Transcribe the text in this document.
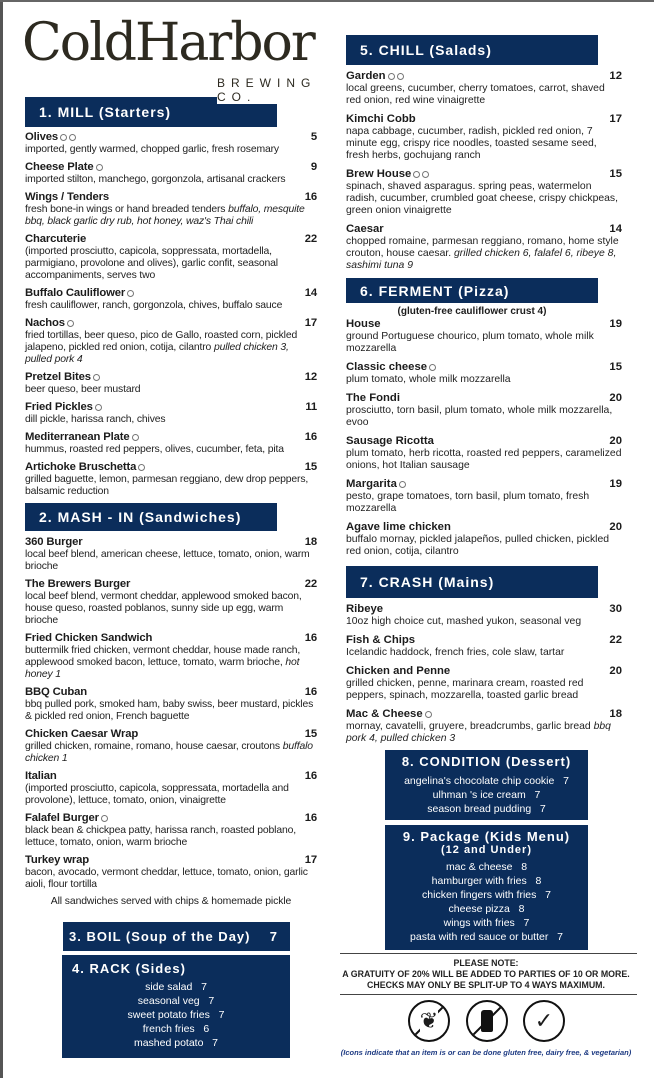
ColdHarbor
BREWING CO.
1. MILL (Starters)
Olives	5
imported, gently warmed, chopped garlic, fresh rosemary
Cheese Plate	9
imported stilton, manchego, gorgonzola, artisanal crackers
Wings / Tenders	16
fresh bone-in wings or hand breaded tenders buffalo, mesquite bbq, black garlic dry rub, hot honey, waz's Thai chili
Charcuterie	22
(imported prosciutto, capicola, soppressata, mortadella, parmigiano, provolone and olives), garlic confit, seasonal accompaniments, serves two
Buffalo Cauliflower	14
fresh cauliflower, ranch, gorgonzola, chives, buffalo sauce
Nachos	17
fried tortillas, beer queso, pico de Gallo, roasted corn, pickled jalapeno, pickled red onion, cotija, cilantro pulled chicken 3, pulled pork 4
Pretzel Bites	12
beer queso, beer mustard
Fried Pickles	11
dill pickle, harissa ranch, chives
Mediterranean Plate	16
hummus, roasted red peppers, olives, cucumber, feta, pita
Artichoke Bruschetta	15
grilled baguette, lemon, parmesan reggiano, dew drop peppers, balsamic reduction
2. MASH - IN (Sandwiches)
360 Burger	18
local beef blend, american cheese, lettuce, tomato, onion, warm brioche
The Brewers Burger	22
local beef blend, vermont cheddar, applewood smoked bacon, house queso, roasted poblanos, sunny side up egg, warm brioche
Fried Chicken Sandwich	16
buttermilk fried chicken, vermont cheddar, house made ranch, applewood smoked bacon, lettuce, tomato, warm brioche, hot honey 1
BBQ Cuban	16
bbq pulled pork, smoked ham, baby swiss, beer mustard, pickles & pickled red onion, French baguette
Chicken Caesar Wrap	15
grilled chicken, romaine, romano, house caesar, croutons buffalo chicken 1
Italian	16
(imported prosciutto, capicola, soppressata, mortadella and provolone), lettuce, tomato, onion, vinaigrette
Falafel Burger	16
black bean & chickpea patty, harissa ranch, roasted poblano, lettuce, tomato, onion, warm brioche
Turkey wrap	17
bacon, avocado, vermont cheddar, lettuce, tomato, onion, garlic aioli, flour tortilla
All sandwiches served with chips & homemade pickle
3. BOIL (Soup of the Day) 7
4. RACK (Sides)
side salad   7
seasonal veg   7
sweet potato fries   7
french fries   6
mashed potato   7
5. CHILL (Salads)
Garden	12
local greens, cucumber, cherry tomatoes, carrot, shaved red onion, red wine vinaigrette
Kimchi Cobb	17
napa cabbage, cucumber, radish, pickled red onion, 7 minute egg, crispy rice noodles, toasted sesame seed, fresh herbs, gochujang ranch
Brew House	15
spinach, shaved asparagus. spring peas, watermelon radish, cucumber, crumbled goat cheese, crispy chickpeas, green onion vinaigrette
Caesar	14
chopped romaine, parmesan reggiano, romano, home style crouton, house caesar. grilled chicken 6, falafel 6, ribeye 8, sashimi tuna 9
6. FERMENT (Pizza)
(gluten-free cauliflower crust 4)
House	19
ground Portuguese chourico, plum tomato, whole milk mozzarella
Classic cheese	15
plum tomato, whole milk mozzarella
The Fondi	20
prosciutto, torn basil, plum tomato, whole milk mozzarella, evoo
Sausage Ricotta	20
plum tomato, herb ricotta, roasted red peppers, caramelized onions, hot Italian sausage
Margarita	19
pesto, grape tomatoes, torn basil, plum tomato, fresh mozzarella
Agave lime chicken	20
buffalo mornay, pickled jalapeños, pulled chicken, pickled red onion, cotija, cilantro
7. CRASH (Mains)
Ribeye	30
10oz high choice cut, mashed yukon, seasonal veg
Fish & Chips	22
Icelandic haddock, french fries, cole slaw, tartar
Chicken and Penne	20
grilled chicken, penne, marinara cream, roasted red peppers, spinach, mozzarella, toasted garlic bread
Mac & Cheese	18
mornay, cavatelli, gruyere, breadcrumbs, garlic bread bbq pork 4, pulled chicken 3
8. CONDITION (Dessert)
angelina's chocolate chip cookie   7
ulhman 's ice cream   7
season bread pudding   7
9. Package (Kids Menu)
(12 and Under)
mac & cheese   8
hamburger with fries   8
chicken fingers with fries   7
cheese pizza   8
wings with fries   7
pasta with red sauce or butter   7
PLEASE NOTE:
A GRATUITY OF 20% WILL BE ADDED TO PARTIES OF 10 OR MORE.
CHECKS MAY ONLY BE SPLIT-UP TO 4 WAYS MAXIMUM.
❦	✓
(Icons indicate that an item is or can be done gluten free, dairy free, & vegetarian)
